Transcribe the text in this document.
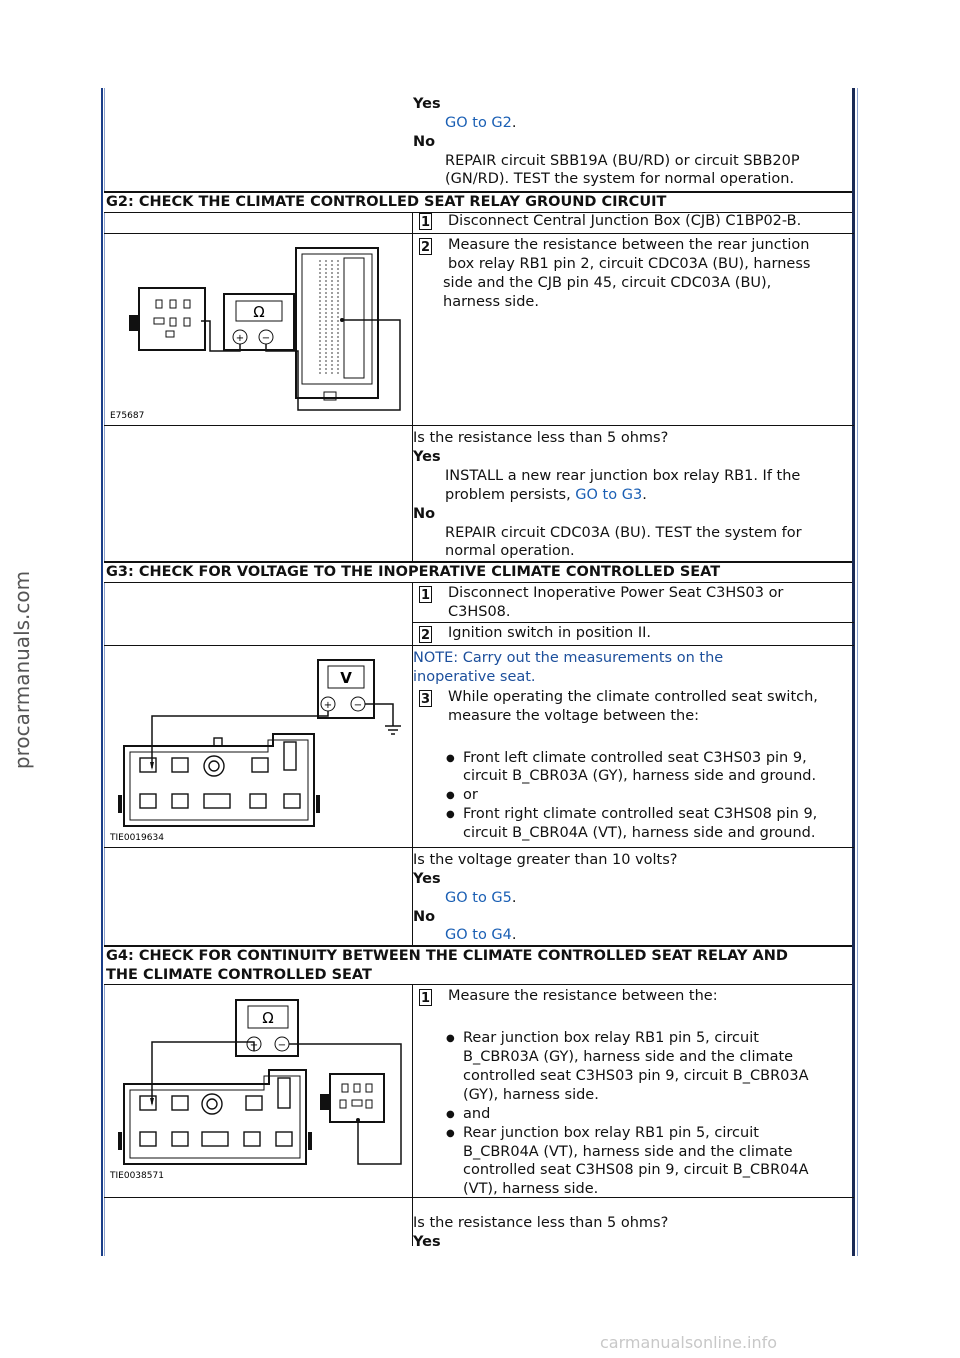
procarmanuals.com
carmanualsonline.info
Yes
GO to G2.
No
REPAIR circuit SBB19A (BU/RD) or circuit SBB20P
(GN/RD). TEST the system for normal operation.
G2: CHECK THE CLIMATE CONTROLLED SEAT RELAY GROUND CIRCUIT
1 Disconnect Central Junction Box (CJB) C1BP02-B.
2 Measure the resistance between the rear junction
box relay RB1 pin 2, circuit CDC03A (BU), harness
side and the CJB pin 45, circuit CDC03A (BU),
harness side.
Ω
+ −
E75687
Is the resistance less than 5 ohms?
Yes
INSTALL a new rear junction box relay RB1. If the
problem persists, GO to G3.
No
REPAIR circuit CDC03A (BU). TEST the system for
normal operation.
G3: CHECK FOR VOLTAGE TO THE INOPERATIVE CLIMATE CONTROLLED SEAT
1 Disconnect Inoperative Power Seat C3HS03 or
C3HS08.
2 Ignition switch in position II.
NOTE: Carry out the measurements on the
inoperative seat.
3 While operating the climate controlled seat switch,
measure the voltage between the:
● Front left climate controlled seat C3HS03 pin 9,
circuit B_CBR03A (GY), harness side and ground.
● or
● Front right climate controlled seat C3HS08 pin 9,
circuit B_CBR04A (VT), harness side and ground.
V
+ −
TIE0019634
Is the voltage greater than 10 volts?
Yes
GO to G5.
No
GO to G4.
G4: CHECK FOR CONTINUITY BETWEEN THE CLIMATE CONTROLLED SEAT RELAY AND
THE CLIMATE CONTROLLED SEAT
1 Measure the resistance between the:
● Rear junction box relay RB1 pin 5, circuit
B_CBR03A (GY), harness side and the climate
controlled seat C3HS03 pin 9, circuit B_CBR03A
(GY), harness side.
● and
● Rear junction box relay RB1 pin 5, circuit
B_CBR04A (VT), harness side and the climate
controlled seat C3HS08 pin 9, circuit B_CBR04A
(VT), harness side.
Ω
+ −
TIE0038571
Is the resistance less than 5 ohms?
Yes
